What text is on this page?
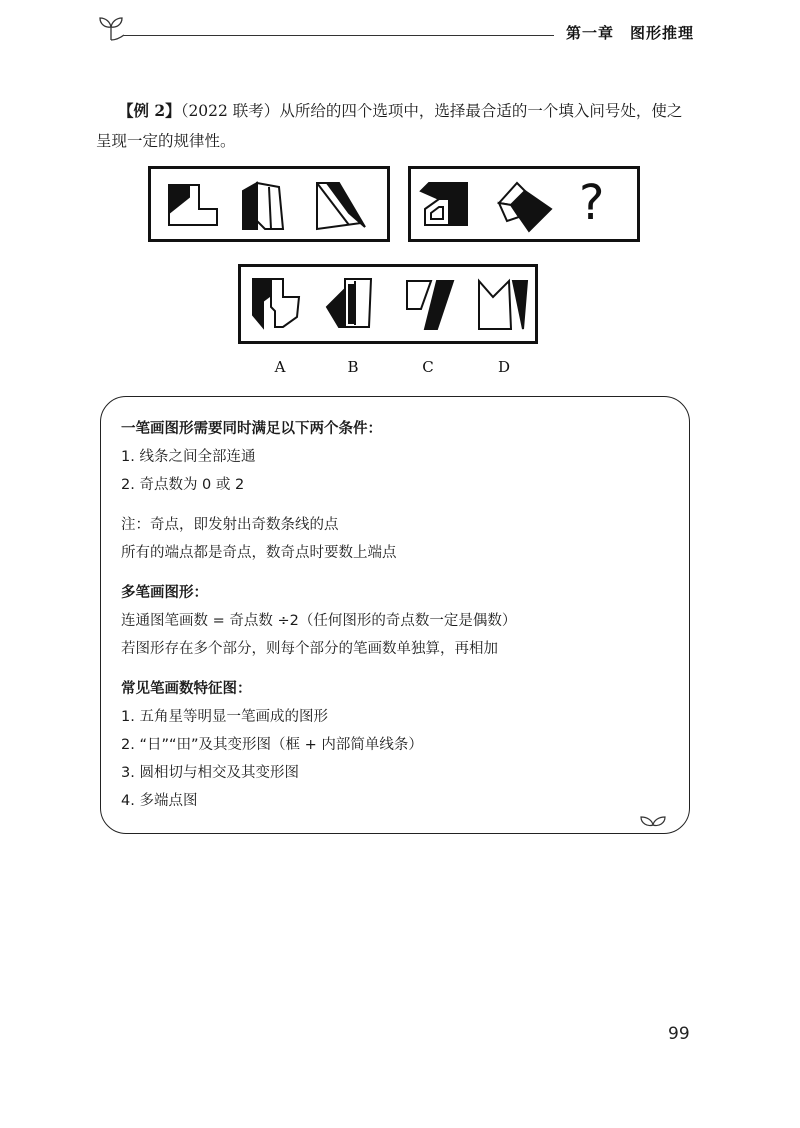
第一章 图形推理
【例 2】（2022 联考）从所给的四个选项中，选择最合适的一个填入问号处，使之呈现一定的规律性。
?
A	B	C	D
一笔画图形需要同时满足以下两个条件：
1. 线条之间全部连通
2. 奇点数为 0 或 2
注：奇点，即发射出奇数条线的点
所有的端点都是奇点，数奇点时要数上端点
多笔画图形：
连通图笔画数 = 奇点数 ÷2（任何图形的奇点数一定是偶数）
若图形存在多个部分，则每个部分的笔画数单独算，再相加
常见笔画数特征图：
1. 五角星等明显一笔画成的图形
2. “日”“田”及其变形图（框 + 内部简单线条）
3. 圆相切与相交及其变形图
4. 多端点图
99
